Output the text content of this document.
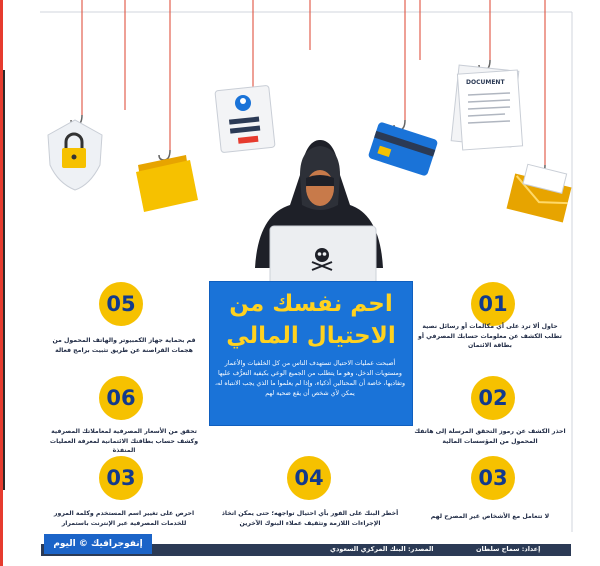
DOCUMENT
احم نفسك من
الاحتيال المالي
أصبحت عمليات الاحتيال تستهدف الناس من كل الخلفيات والأعمار ومستويات الدخل، وهو ما يتطلب من الجميع الوعي بكيفية التعرُّف عليها وتفاديها، خاصة أن المحتالين أذكياء، وإذا لم يعلموا ما الذي يجب الانتباه له، يمكن لأي شخص أن يقع ضحية لهم
05
06
03
01
02
03
04
قم بحماية جهاز الكمبيوتر والهاتف المحمول من هجمات القراصنة عن طريق تثبيت برامج فعالة
تحقق من الأسعار المصرفية لمعاملاتك المصرفية وكشف حساب بطاقتك الائتمانية لمعرفة العمليات المنفذة
احرص على تغيير اسم المستخدم وكلمة المرور للخدمات المصرفية عبر الإنترنت باستمرار
حاول ألا ترد على أي مكالمات أو رسائل نصية تطلب الكشف عن معلومات حسابك المصرفي أو بطاقة الائتمان
احذر الكشف عن رموز التحقق المرسلة إلى هاتفك المحمول من المؤسسات المالية
لا تتعامل مع الأشخاص غير المصرح لهم
أخطر البنك على الفور بأي احتيال تواجهه؛ حتى يمكن اتخاذ الإجراءات اللازمة وتثقيف عملاء البنوك الآخرين
إنفوجرافيك © اليوم	إعداد: سماح سلطان
المصدر: البنك المركزي السعودي
